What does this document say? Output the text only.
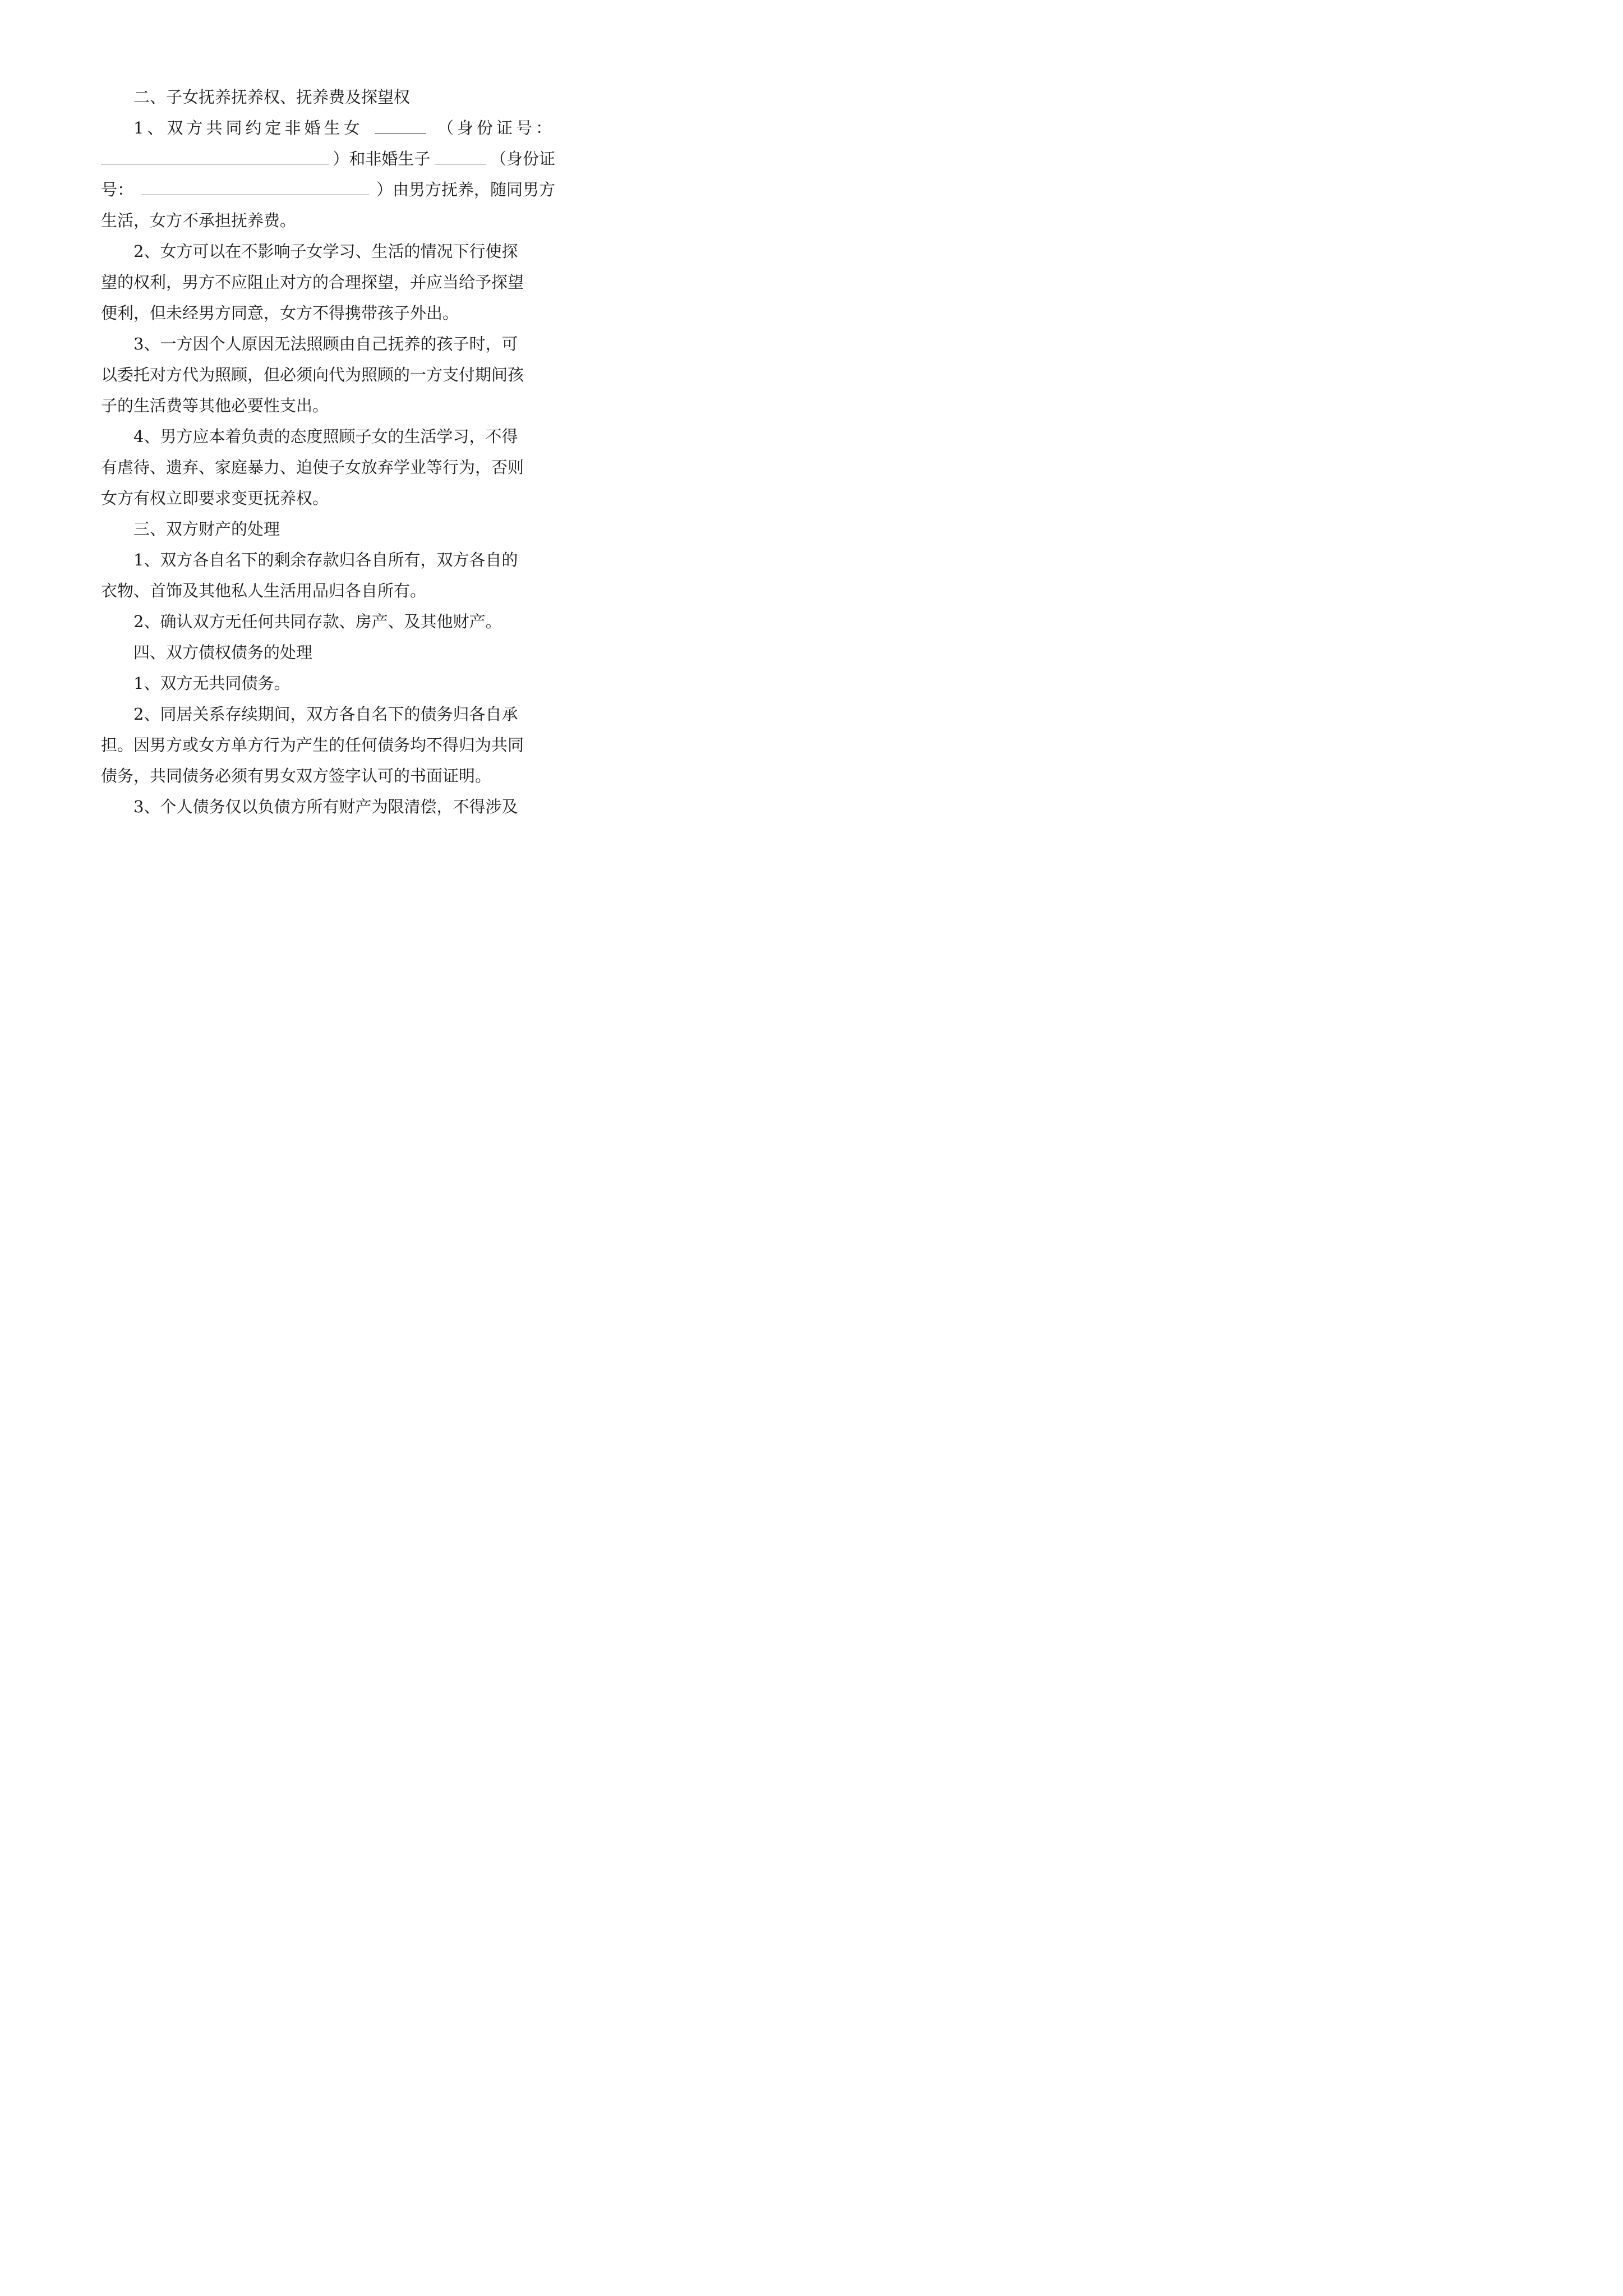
二、子女抚养抚养权、抚养费及探望权
1、双方共同约定非婚生女	（身份证号：
）和非婚生子	（身份证
号：	）由男方抚养，随同男方
生活，女方不承担抚养费。
2、女方可以在不影响子女学习、生活的情况下行使探
望的权利，男方不应阻止对方的合理探望，并应当给予探望
便利，但未经男方同意，女方不得携带孩子外出。
3、一方因个人原因无法照顾由自己抚养的孩子时，可
以委托对方代为照顾，但必须向代为照顾的一方支付期间孩
子的生活费等其他必要性支出。
4、男方应本着负责的态度照顾子女的生活学习，不得
有虐待、遗弃、家庭暴力、迫使子女放弃学业等行为，否则
女方有权立即要求变更抚养权。
三、双方财产的处理
1、双方各自名下的剩余存款归各自所有，双方各自的
衣物、首饰及其他私人生活用品归各自所有。
2、确认双方无任何共同存款、房产、及其他财产。
四、双方债权债务的处理
1、双方无共同债务。
2、同居关系存续期间，双方各自名下的债务归各自承
担。因男方或女方单方行为产生的任何债务均不得归为共同
债务，共同债务必须有男女双方签字认可的书面证明。
3、个人债务仅以负债方所有财产为限清偿，不得涉及
